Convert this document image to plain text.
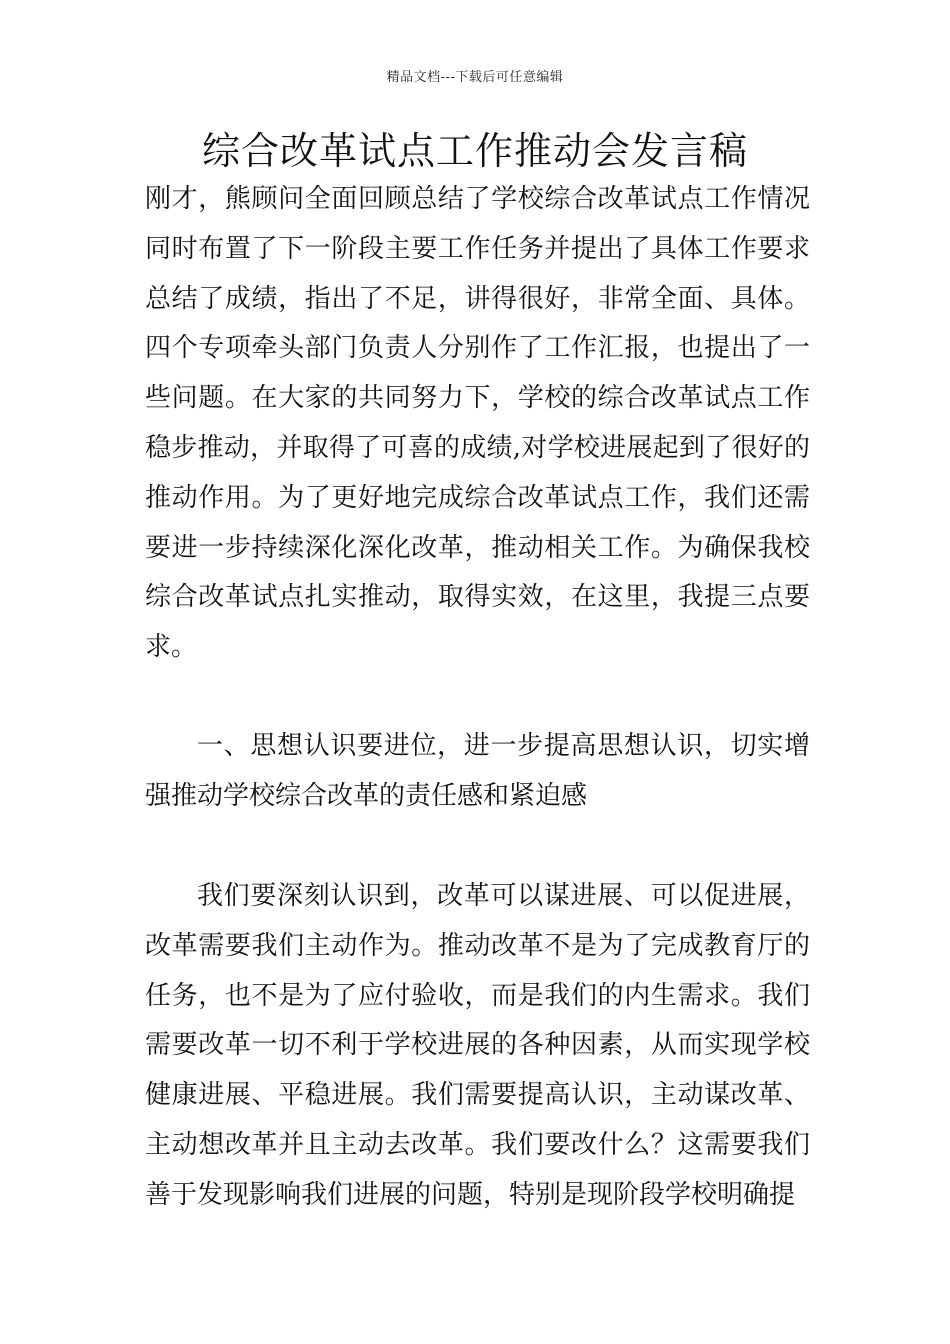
精品文档---下载后可任意编辑
综合改革试点工作推动会发言稿

刚才，熊顾问全面回顾总结了学校综合改革试点工作情况同时布置了下一阶段主要工作任务并提出了具体工作要求总结了成绩，指出了不足，讲得很好，非常全面、具体。四个专项牵头部门负责人分别作了工作汇报，也提出了一些问题。在大家的共同努力下，学校的综合改革试点工作稳步推动，并取得了可喜的成绩,对学校进展起到了很好的推动作用。为了更好地完成综合改革试点工作，我们还需要进一步持续深化深化改革，推动相关工作。为确保我校综合改革试点扎实推动，取得实效，在这里，我提三点要求。

一、思想认识要进位，进一步提高思想认识，切实增强推动学校综合改革的责任感和紧迫感

我们要深刻认识到，改革可以谋进展、可以促进展，改革需要我们主动作为。推动改革不是为了完成教育厅的任务，也不是为了应付验收，而是我们的内生需求。我们需要改革一切不利于学校进展的各种因素，从而实现学校健康进展、平稳进展。我们需要提高认识，主动谋改革、主动想改革并且主动去改革。我们要改什么？这需要我们善于发现影响我们进展的问题，特别是现阶段学校明确提
